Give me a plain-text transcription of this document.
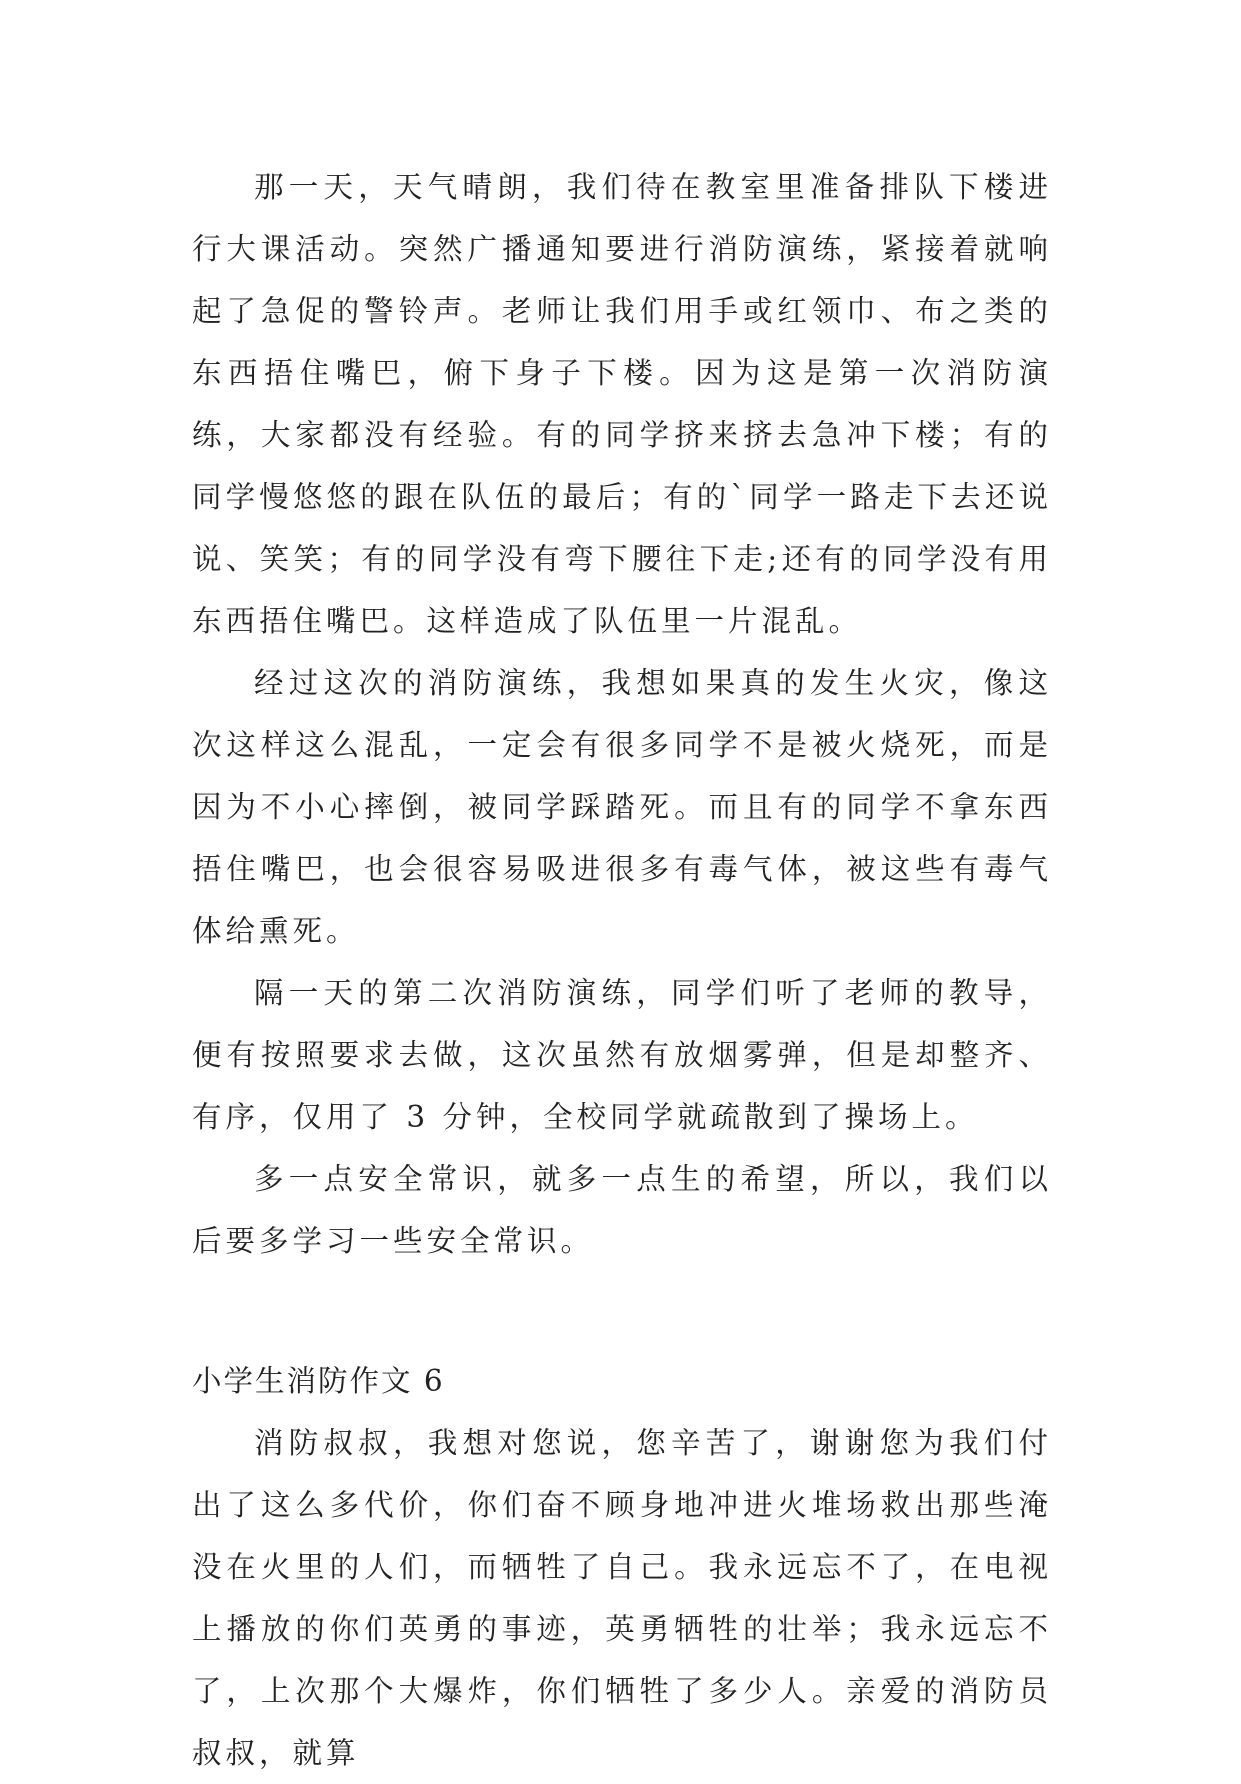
那一天，天气晴朗，我们待在教室里准备排队下楼进行大课活动。突然广播通知要进行消防演练，紧接着就响起了急促的警铃声。老师让我们用手或红领巾、布之类的东西捂住嘴巴，俯下身子下楼。因为这是第一次消防演练，大家都没有经验。有的同学挤来挤去急冲下楼；有的同学慢悠悠的跟在队伍的最后；有的`同学一路走下去还说说、笑笑；有的同学没有弯下腰往下走;还有的同学没有用东西捂住嘴巴。这样造成了队伍里一片混乱。

经过这次的消防演练，我想如果真的发生火灾，像这次这样这么混乱，一定会有很多同学不是被火烧死，而是因为不小心摔倒，被同学踩踏死。而且有的同学不拿东西捂住嘴巴，也会很容易吸进很多有毒气体，被这些有毒气体给熏死。

隔一天的第二次消防演练，同学们听了老师的教导，便有按照要求去做，这次虽然有放烟雾弹，但是却整齐、有序，仅用了 3 分钟，全校同学就疏散到了操场上。

多一点安全常识，就多一点生的希望，所以，我们以后要多学习一些安全常识。

小学生消防作文 6

消防叔叔，我想对您说，您辛苦了，谢谢您为我们付出了这么多代价，你们奋不顾身地冲进火堆场救出那些淹没在火里的人们，而牺牲了自己。我永远忘不了，在电视上播放的你们英勇的事迹，英勇牺牲的壮举；我永远忘不了，上次那个大爆炸，你们牺牲了多少人。亲爱的消防员叔叔，就算
